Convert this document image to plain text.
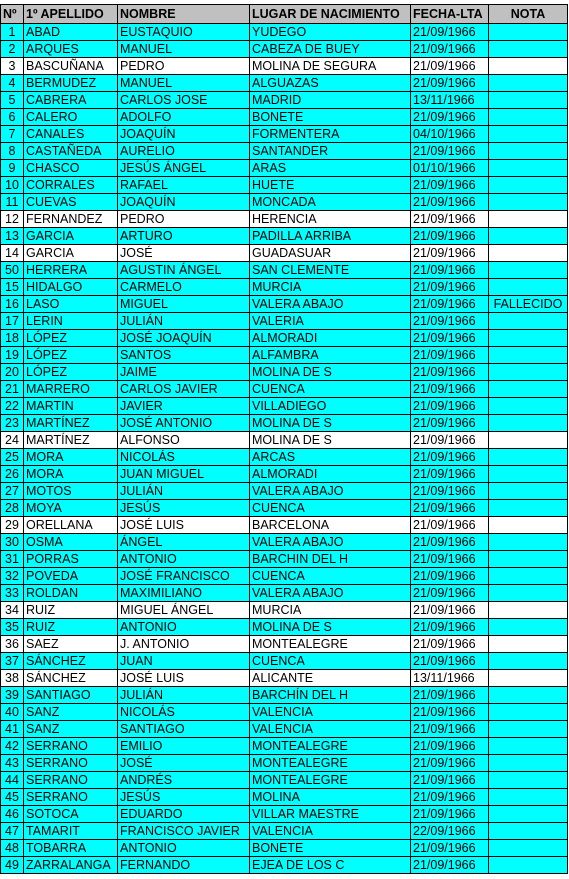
Nº	1º APELLIDO	NOMBRE	LUGAR DE NACIMIENTO	FECHA-LTA	NOTA
1	ABAD	EUSTAQUIO	YUDEGO	21/09/1966	
2	ARQUES	MANUEL	CABEZA DE BUEY	21/09/1966	
3	BASCUÑANA	PEDRO	MOLINA DE SEGURA	21/09/1966	
4	BERMUDEZ	MANUEL	ALGUAZAS	21/09/1966	
5	CABRERA	CARLOS JOSE	MADRID	13/11/1966	
6	CALERO	ADOLFO	BONETE	21/09/1966	
7	CANALES	JOAQUÍN	FORMENTERA	04/10/1966	
8	CASTAÑEDA	AURELIO	SANTANDER	21/09/1966	
9	CHASCO	JESÚS ÁNGEL	ARAS	01/10/1966	
10	CORRALES	RAFAEL	HUETE	21/09/1966	
11	CUEVAS	JOAQUÍN	MONCADA	21/09/1966	
12	FERNANDEZ	PEDRO	HERENCIA	21/09/1966	
13	GARCIA	ARTURO	PADILLA ARRIBA	21/09/1966	
14	GARCIA	JOSÉ	GUADASUAR	21/09/1966	
50	HERRERA	AGUSTIN ÁNGEL	SAN CLEMENTE	21/09/1966	
15	HIDALGO	CARMELO	MURCIA	21/09/1966	
16	LASO	MIGUEL	VALERA ABAJO	21/09/1966	FALLECIDO
17	LERIN	JULIÁN	VALERIA	21/09/1966	
18	LÓPEZ	JOSÉ JOAQUÍN	ALMORADI	21/09/1966	
19	LÓPEZ	SANTOS	ALFAMBRA	21/09/1966	
20	LÓPEZ	JAIME	MOLINA DE S	21/09/1966	
21	MARRERO	CARLOS JAVIER	CUENCA	21/09/1966	
22	MARTIN	JAVIER	VILLADIEGO	21/09/1966	
23	MARTÍNEZ	JOSÉ ANTONIO	MOLINA DE S	21/09/1966	
24	MARTÍNEZ	ALFONSO	MOLINA DE S	21/09/1966	
25	MORA	NICOLÁS	ARCAS	21/09/1966	
26	MORA	JUAN MIGUEL	ALMORADI	21/09/1966	
27	MOTOS	JULIÁN	VALERA ABAJO	21/09/1966	
28	MOYA	JESÚS	CUENCA	21/09/1966	
29	ORELLANA	JOSÉ LUIS	BARCELONA	21/09/1966	
30	OSMA	ÁNGEL	VALERA ABAJO	21/09/1966	
31	PORRAS	ANTONIO	BARCHIN DEL H	21/09/1966	
32	POVEDA	JOSÉ FRANCISCO	CUENCA	21/09/1966	
33	ROLDAN	MAXIMILIANO	VALERA ABAJO	21/09/1966	
34	RUIZ	MIGUEL ÁNGEL	MURCIA	21/09/1966	
35	RUIZ	ANTONIO	MOLINA DE S	21/09/1966	
36	SAEZ	J. ANTONIO	MONTEALEGRE	21/09/1966	
37	SÁNCHEZ	JUAN	CUENCA	21/09/1966	
38	SÁNCHEZ	JOSÉ LUIS	ALICANTE	13/11/1966	
39	SANTIAGO	JULIÁN	BARCHÍN DEL H	21/09/1966	
40	SANZ	NICOLÁS	VALENCIA	21/09/1966	
41	SANZ	SANTIAGO	VALENCIA	21/09/1966	
42	SERRANO	EMILIO	MONTEALEGRE	21/09/1966	
43	SERRANO	JOSÉ	MONTEALEGRE	21/09/1966	
44	SERRANO	ANDRÉS	MONTEALEGRE	21/09/1966	
45	SERRANO	JESÚS	MOLINA	21/09/1966	
46	SOTOCA	EDUARDO	VILLAR MAESTRE	21/09/1966	
47	TAMARIT	FRANCISCO JAVIER	VALENCIA	22/09/1966	
48	TOBARRA	ANTONIO	BONETE	21/09/1966	
49	ZARRALANGA	FERNANDO	EJEA DE LOS C	21/09/1966	
